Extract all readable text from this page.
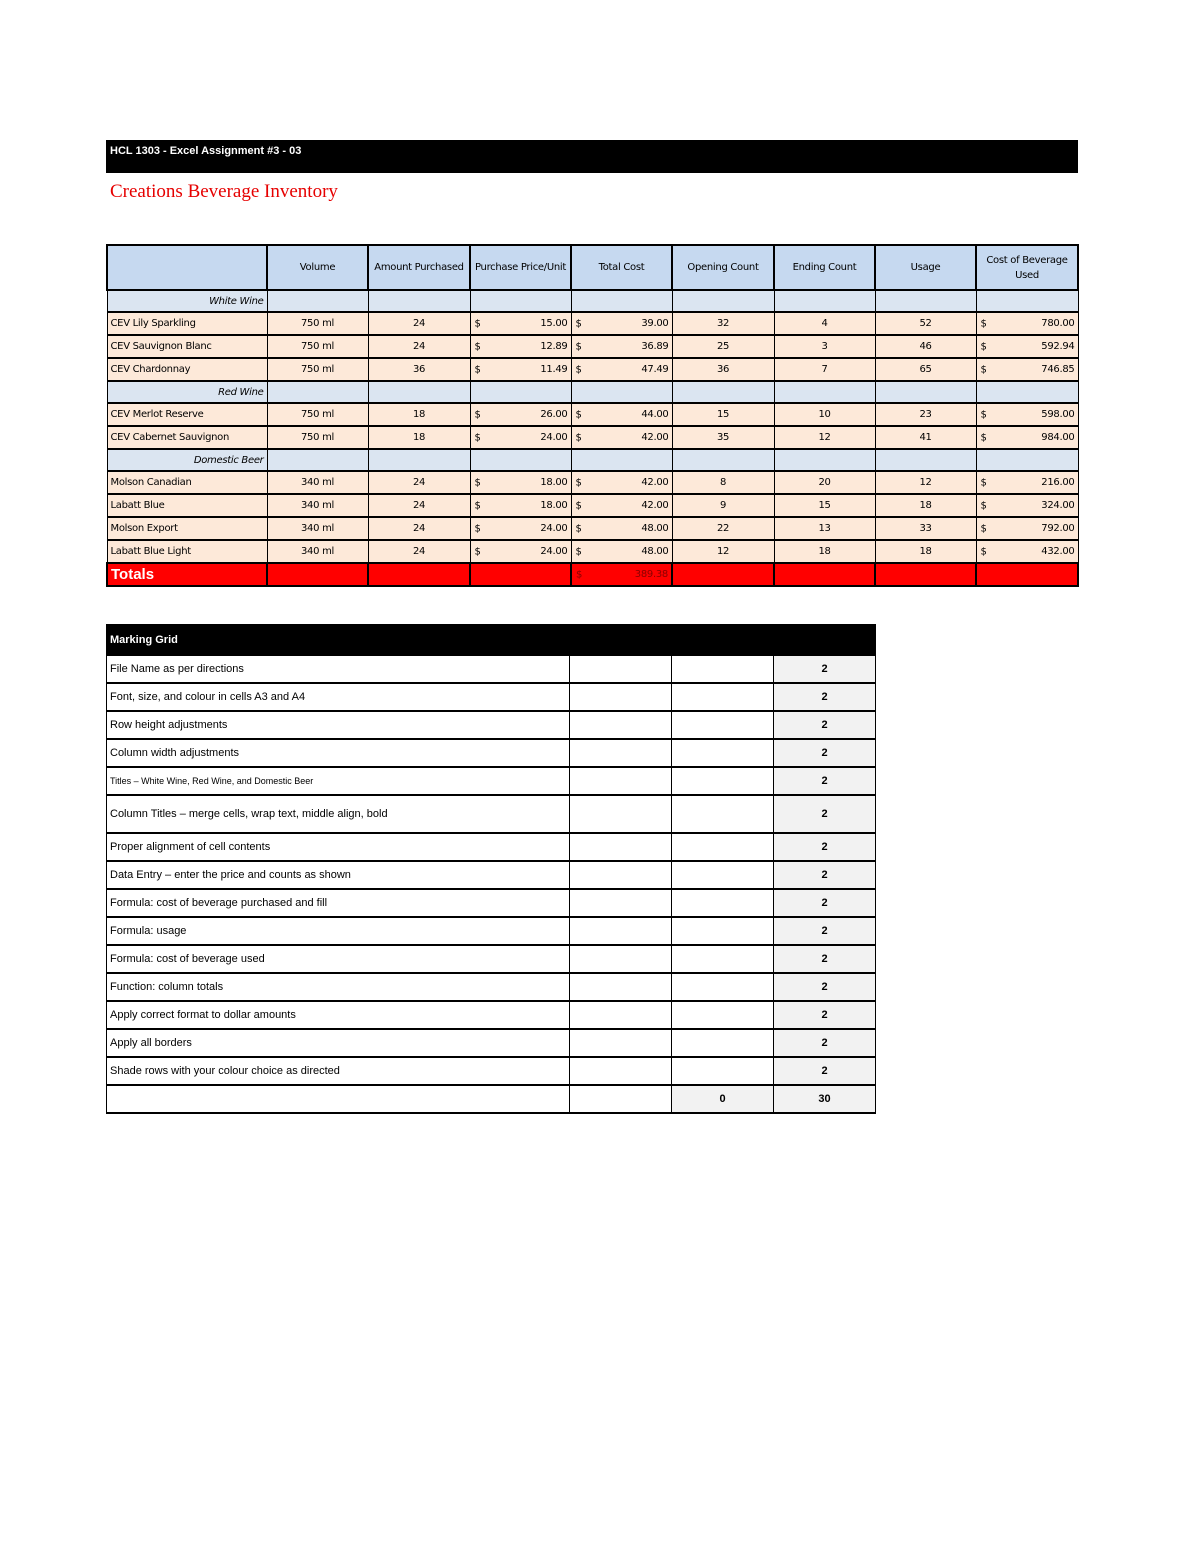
HCL 1303 - Excel Assignment #3 - 03
Creations Beverage Inventory
	Volume	Amount Purchased	Purchase Price/Unit	Total Cost	Opening Count	Ending Count	Usage	Cost of Beverage Used
White Wine								
CEV Lily Sparkling	750 ml	24	$ 15.00	$ 39.00	32	4	52	$ 780.00
CEV Sauvignon Blanc	750 ml	24	$ 12.89	$ 36.89	25	3	46	$ 592.94
CEV Chardonnay	750 ml	36	$ 11.49	$ 47.49	36	7	65	$ 746.85
Red Wine								
CEV Merlot Reserve	750 ml	18	$ 26.00	$ 44.00	15	10	23	$ 598.00
CEV Cabernet Sauvignon	750 ml	18	$ 24.00	$ 42.00	35	12	41	$ 984.00
Domestic Beer								
Molson Canadian	340 ml	24	$ 18.00	$ 42.00	8	20	12	$ 216.00
Labatt Blue	340 ml	24	$ 18.00	$ 42.00	9	15	18	$ 324.00
Molson Export	340 ml	24	$ 24.00	$ 48.00	22	13	33	$ 792.00
Labatt Blue Light	340 ml	24	$ 24.00	$ 48.00	12	18	18	$ 432.00
Totals				$ 389.38				
Marking Grid			
File Name as per directions			2
Font, size, and colour in cells A3 and A4			2
Row height adjustments			2
Column width adjustments			2
Titles – White Wine, Red Wine, and Domestic Beer			2
Column Titles – merge cells, wrap text, middle align, bold			2
Proper alignment of cell contents			2
Data Entry – enter the price and counts as shown			2
Formula: cost of beverage purchased and fill			2
Formula: usage			2
Formula: cost of beverage used			2
Function: column totals			2
Apply correct format to dollar amounts			2
Apply all borders			2
Shade rows with your colour choice as directed			2
		0	30
